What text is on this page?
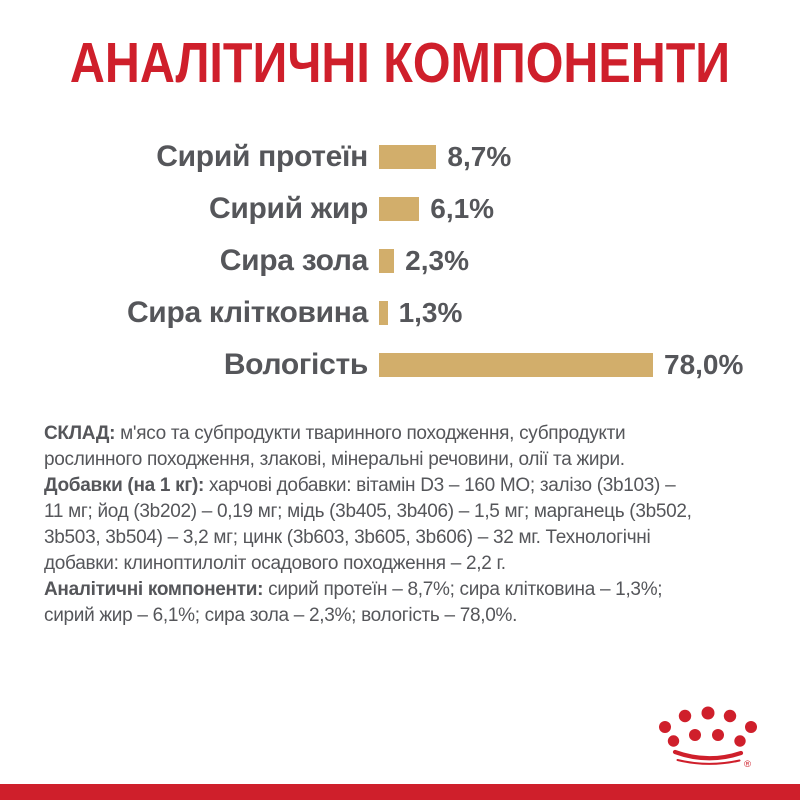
АНАЛІТИЧНІ КОМПОНЕНТИ
Сирий протеїн	8,7%
Сирий жир 6,1%
Сира зола 2,3%
Сира клітковина 1,3%
Вологість	78,0%
СКЛАД: м'ясо та субпродукти тваринного походження, субпродукти
рослинного походження, злакові, мінеральні речовини, олії та жири.
Добавки (на 1 кг): харчові добавки: вітамін D3 – 160 МО; залізо (3b103) –
11 мг; йод (3b202) – 0,19 мг; мідь (3b405, 3b406) – 1,5 мг; марганець (3b502,
3b503, 3b504) – 3,2 мг; цинк (3b603, 3b605, 3b606) – 32 мг. Технологічні
добавки: клиноптилоліт осадового походження – 2,2 г.
Аналітичні компоненти: сирий протеїн – 8,7%; сира клітковина – 1,3%;
сирий жир – 6,1%; сира зола – 2,3%; вологість – 78,0%.
®
